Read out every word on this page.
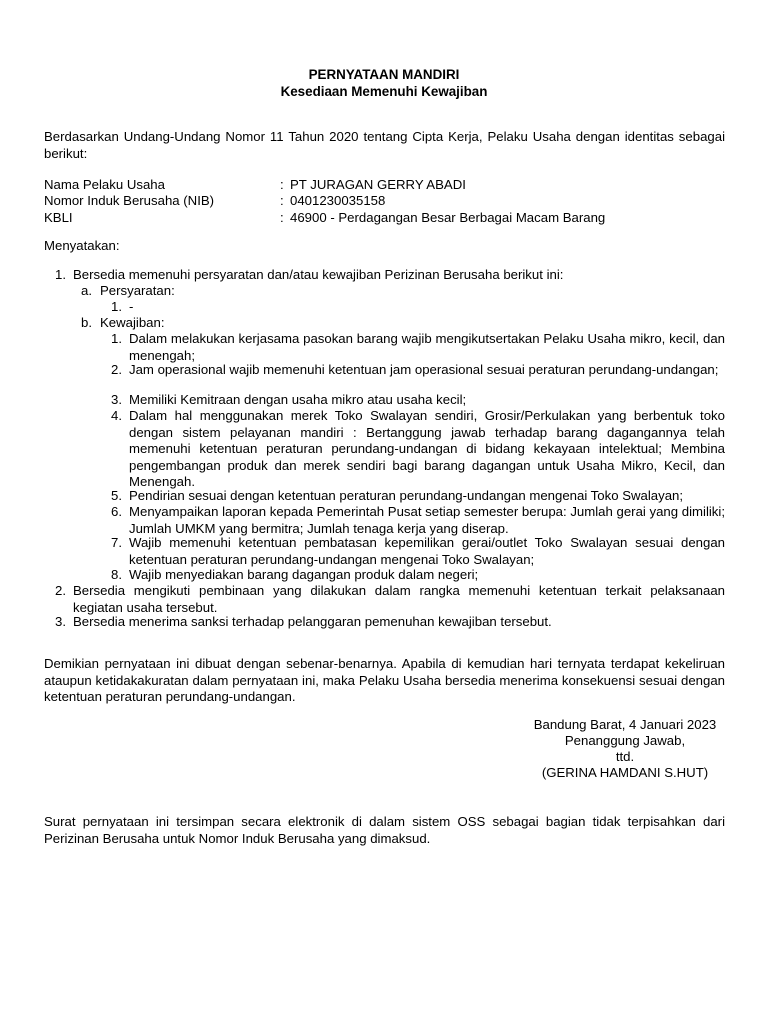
PERNYATAAN MANDIRI

Kesediaan Memenuhi Kewajiban

Berdasarkan Undang-Undang Nomor 11 Tahun 2020 tentang Cipta Kerja, Pelaku Usaha dengan identitas sebagai berikut:

Nama Pelaku Usaha	: PT JURAGAN GERRY ABADI
Nomor Induk Berusaha (NIB)	: 0401230035158
KBLI	: 46900 - Perdagangan Besar Berbagai Macam Barang

Menyatakan:

1. Bersedia memenuhi persyaratan dan/atau kewajiban Perizinan Berusaha berikut ini:
a. Persyaratan:
1. -
b. Kewajiban:
1. Dalam melakukan kerjasama pasokan barang wajib mengikutsertakan Pelaku Usaha mikro, kecil, dan menengah;
2. Jam operasional wajib memenuhi ketentuan jam operasional sesuai peraturan perundang-undangan;
3. Memiliki Kemitraan dengan usaha mikro atau usaha kecil;
4. Dalam hal menggunakan merek Toko Swalayan sendiri, Grosir/Perkulakan yang berbentuk toko dengan sistem pelayanan mandiri : Bertanggung jawab terhadap barang dagangannya telah memenuhi ketentuan peraturan perundang-undangan di bidang kekayaan intelektual; Membina pengembangan produk dan merek sendiri bagi barang dagangan untuk Usaha Mikro, Kecil, dan Menengah.
5. Pendirian sesuai dengan ketentuan peraturan perundang-undangan mengenai Toko Swalayan;
6. Menyampaikan laporan kepada Pemerintah Pusat setiap semester berupa: Jumlah gerai yang dimiliki; Jumlah UMKM yang bermitra; Jumlah tenaga kerja yang diserap.
7. Wajib memenuhi ketentuan pembatasan kepemilikan gerai/outlet Toko Swalayan sesuai dengan ketentuan peraturan perundang-undangan mengenai Toko Swalayan;
8. Wajib menyediakan barang dagangan produk dalam negeri;
2. Bersedia mengikuti pembinaan yang dilakukan dalam rangka memenuhi ketentuan terkait pelaksanaan kegiatan usaha tersebut.
3. Bersedia menerima sanksi terhadap pelanggaran pemenuhan kewajiban tersebut.

Demikian pernyataan ini dibuat dengan sebenar-benarnya. Apabila di kemudian hari ternyata terdapat kekeliruan ataupun ketidakakuratan dalam pernyataan ini, maka Pelaku Usaha bersedia menerima konsekuensi sesuai dengan ketentuan peraturan perundang-undangan.

Bandung Barat, 4 Januari 2023

Penanggung Jawab,

ttd.

(GERINA HAMDANI S.HUT)

Surat pernyataan ini tersimpan secara elektronik di dalam sistem OSS sebagai bagian tidak terpisahkan dari Perizinan Berusaha untuk Nomor Induk Berusaha yang dimaksud.
